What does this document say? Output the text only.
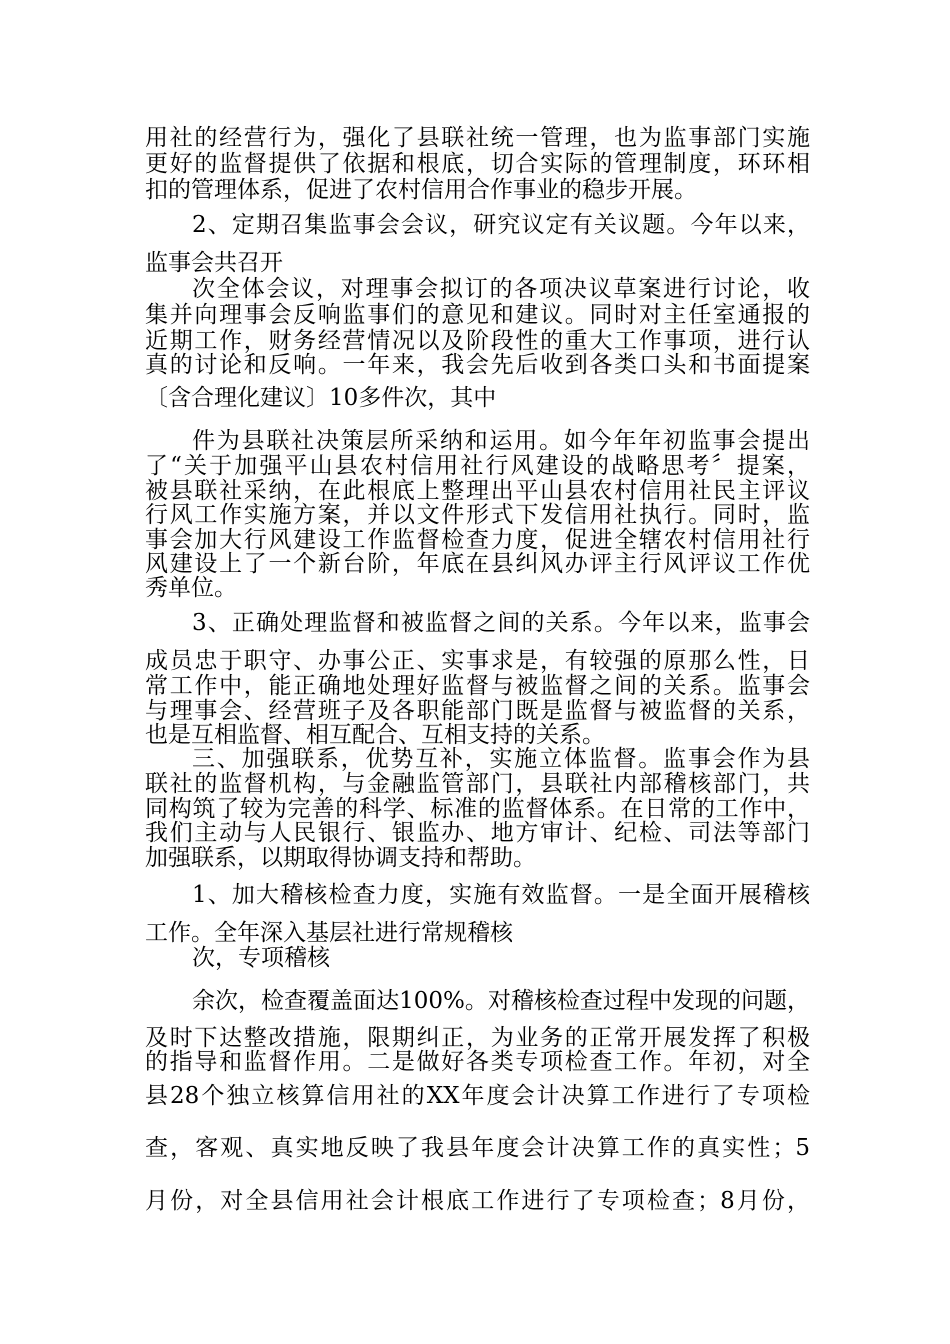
用社的经营行为，强化了县联社统一管理，也为监事部门实施
更好的监督提供了依据和根底，切合实际的管理制度，环环相
扣的管理体系，促进了农村信用合作事业的稳步开展。
2、定期召集监事会会议，研究议定有关议题。今年以来，
监事会共召开
次全体会议，对理事会拟订的各项决议草案进行讨论，收
集并向理事会反响监事们的意见和建议。同时对主任室通报的
近期工作，财务经营情况以及阶段性的重大工作事项，进行认
真的讨论和反响。一年来，我会先后收到各类口头和书面提案
〔含合理化建议〕10多件次，其中
件为县联社决策层所采纳和运用。如今年年初监事会提出
了“关于加强平山县农村信用社行风建设的战略思考〞提案，
被县联社采纳，在此根底上整理出平山县农村信用社民主评议
行风工作实施方案，并以文件形式下发信用社执行。同时，监
事会加大行风建设工作监督检查力度，促进全辖农村信用社行
风建设上了一个新台阶，年底在县纠风办评主行风评议工作优
秀单位。
3、正确处理监督和被监督之间的关系。今年以来，监事会
成员忠于职守、办事公正、实事求是，有较强的原那么性，日
常工作中，能正确地处理好监督与被监督之间的关系。监事会
与理事会、经营班子及各职能部门既是监督与被监督的关系，
也是互相监督、相互配合、互相支持的关系。
三、加强联系，优势互补，实施立体监督。监事会作为县
联社的监督机构，与金融监管部门，县联社内部稽核部门，共
同构筑了较为完善的科学、标准的监督体系。在日常的工作中，
我们主动与人民银行、银监办、地方审计、纪检、司法等部门
加强联系，以期取得协调支持和帮助。
1、加大稽核检查力度，实施有效监督。一是全面开展稽核
工作。全年深入基层社进行常规稽核
次，专项稽核
余次，检查覆盖面达100%。对稽核检查过程中发现的问题，
及时下达整改措施，限期纠正，为业务的正常开展发挥了积极
的指导和监督作用。二是做好各类专项检查工作。年初，对全
县28个独立核算信用社的XX年度会计决算工作进行了专项检
查，客观、真实地反映了我县年度会计决算工作的真实性；5
月份，对全县信用社会计根底工作进行了专项检查；8月份，
